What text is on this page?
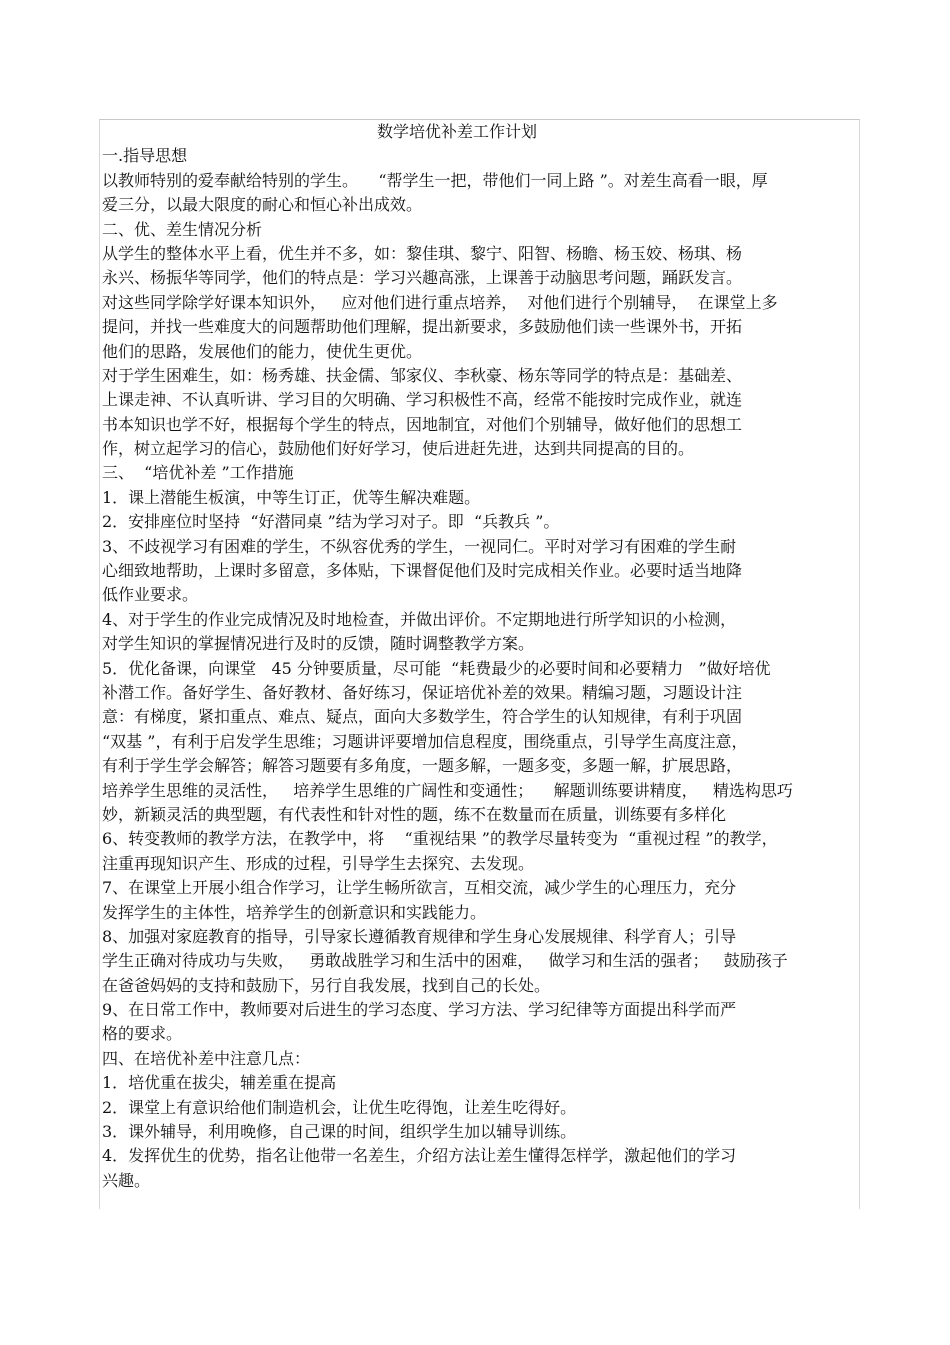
数学培优补差工作计划
一.指导思想
以教师特别的爱奉献给特别的学生。    “帮学生一把，带他们一同上路 ”。对差生高看一眼，厚
爱三分，以最大限度的耐心和恒心补出成效。
二、优、差生情况分析
从学生的整体水平上看，优生并不多，如：黎佳琪、黎宁、阳智、杨瞻、杨玉姣、杨琪、杨
永兴、杨振华等同学，他们的特点是：学习兴趣高涨，上课善于动脑思考问题，踊跃发言。
对这些同学除学好课本知识外，   应对他们进行重点培养，  对他们进行个别辅导，  在课堂上多
提问，并找一些难度大的问题帮助他们理解，提出新要求，多鼓励他们读一些课外书，开拓
他们的思路，发展他们的能力，使优生更优。
对于学生困难生，如：杨秀雄、扶金儒、邹家仪、李秋豪、杨东等同学的特点是：基础差、
上课走神、不认真听讲、学习目的欠明确、学习积极性不高，经常不能按时完成作业，就连
书本知识也学不好，根据每个学生的特点，因地制宜，对他们个别辅导，做好他们的思想工
作，树立起学习的信心，鼓励他们好好学习，使后进赶先进，达到共同提高的目的。
三、  “培优补差 ”工作措施
1．课上潜能生板演，中等生订正，优等生解决难题。
2．安排座位时坚持  “好潜同桌 ”结为学习对子。即  “兵教兵 ”。
3、不歧视学习有困难的学生，不纵容优秀的学生，一视同仁。平时对学习有困难的学生耐
心细致地帮助，上课时多留意，多体贴，下课督促他们及时完成相关作业。必要时适当地降
低作业要求。
4、对于学生的作业完成情况及时地检查，并做出评价。不定期地进行所学知识的小检测，
对学生知识的掌握情况进行及时的反馈，随时调整教学方案。
5．优化备课，向课堂   45 分钟要质量，尽可能  “耗费最少的必要时间和必要精力   ”做好培优
补潜工作。备好学生、备好教材、备好练习，保证培优补差的效果。精编习题，习题设计注
意：有梯度，紧扣重点、难点、疑点，面向大多数学生，符合学生的认知规律，有利于巩固
“双基 ”，有利于启发学生思维；习题讲评要增加信息程度，围绕重点，引导学生高度注意，
有利于学生学会解答；解答习题要有多角度，一题多解，一题多变，多题一解，扩展思路，
培养学生思维的灵活性，   培养学生思维的广阔性和变通性；    解题训练要讲精度，   精选构思巧
妙，新颖灵活的典型题，有代表性和针对性的题，练不在数量而在质量，训练要有多样化
6、转变教师的教学方法，在教学中，将    “重视结果 ”的教学尽量转变为  “重视过程 ”的教学，
注重再现知识产生、形成的过程，引导学生去探究、去发现。
7、在课堂上开展小组合作学习，让学生畅所欲言，互相交流，减少学生的心理压力，充分
发挥学生的主体性，培养学生的创新意识和实践能力。
8、加强对家庭教育的指导，引导家长遵循教育规律和学生身心发展规律、科学育人；引导
学生正确对待成功与失败，   勇敢战胜学习和生活中的困难，   做学习和生活的强者；   鼓励孩子
在爸爸妈妈的支持和鼓励下，另行自我发展，找到自己的长处。
9、在日常工作中，教师要对后进生的学习态度、学习方法、学习纪律等方面提出科学而严
格的要求。
四、在培优补差中注意几点：
1．培优重在拔尖，辅差重在提高
2．课堂上有意识给他们制造机会，让优生吃得饱，让差生吃得好。
3．课外辅导，利用晚修，自己课的时间，组织学生加以辅导训练。
4．发挥优生的优势，指名让他带一名差生，介绍方法让差生懂得怎样学，激起他们的学习
兴趣。
